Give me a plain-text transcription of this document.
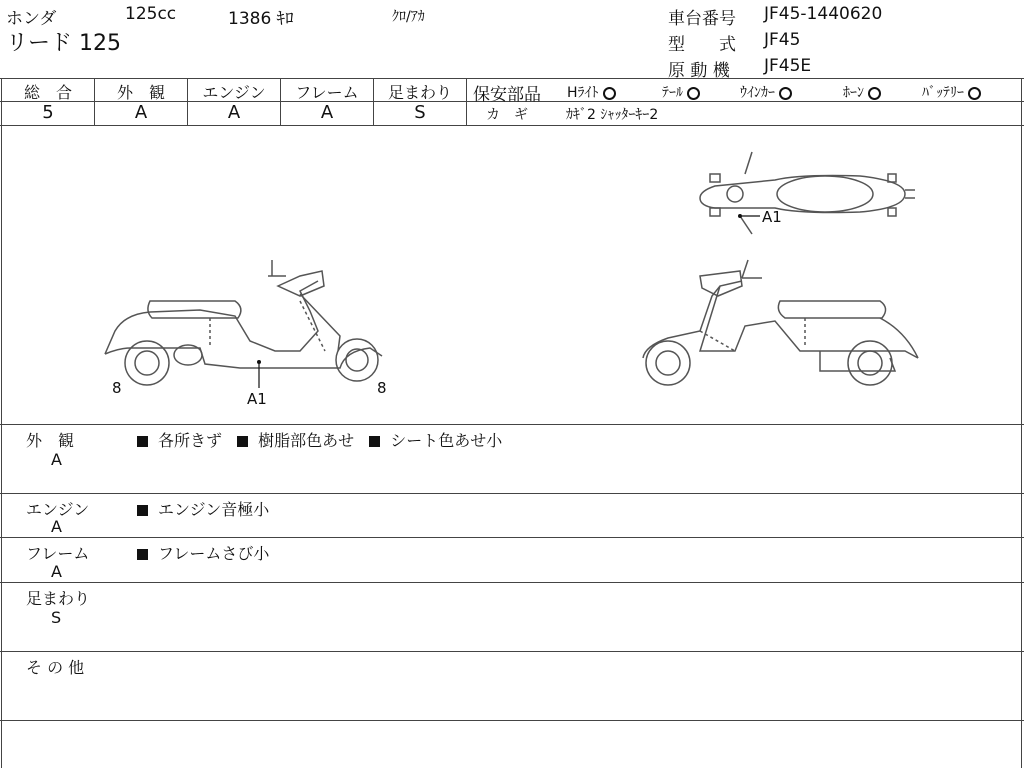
ホンダ	125cc	1386 ｷﾛ	ｸﾛ/ｱｶ
リード 125
車台番号 JF45-1440620
型　　式 JF45
原 動 機 JF45E
総　合	外　観	エンジン	フレーム	足まわり
5	A	A	A	S
保安部品 Hﾗｲﾄ	ﾃｰﾙ	ｳｲﾝｶｰ	ﾎｰﾝ	ﾊﾞｯﾃﾘｰ
カ　ギ	ｶｷﾞ2 ｼｬｯﾀｰｷｰ2
A1
A1
8	8
外　観
A
各所きず 樹脂部色あせ シート色あせ小
エンジン
A
エンジン音極小
フレーム
A
フレームさび小
足まわり
S
そ の 他
